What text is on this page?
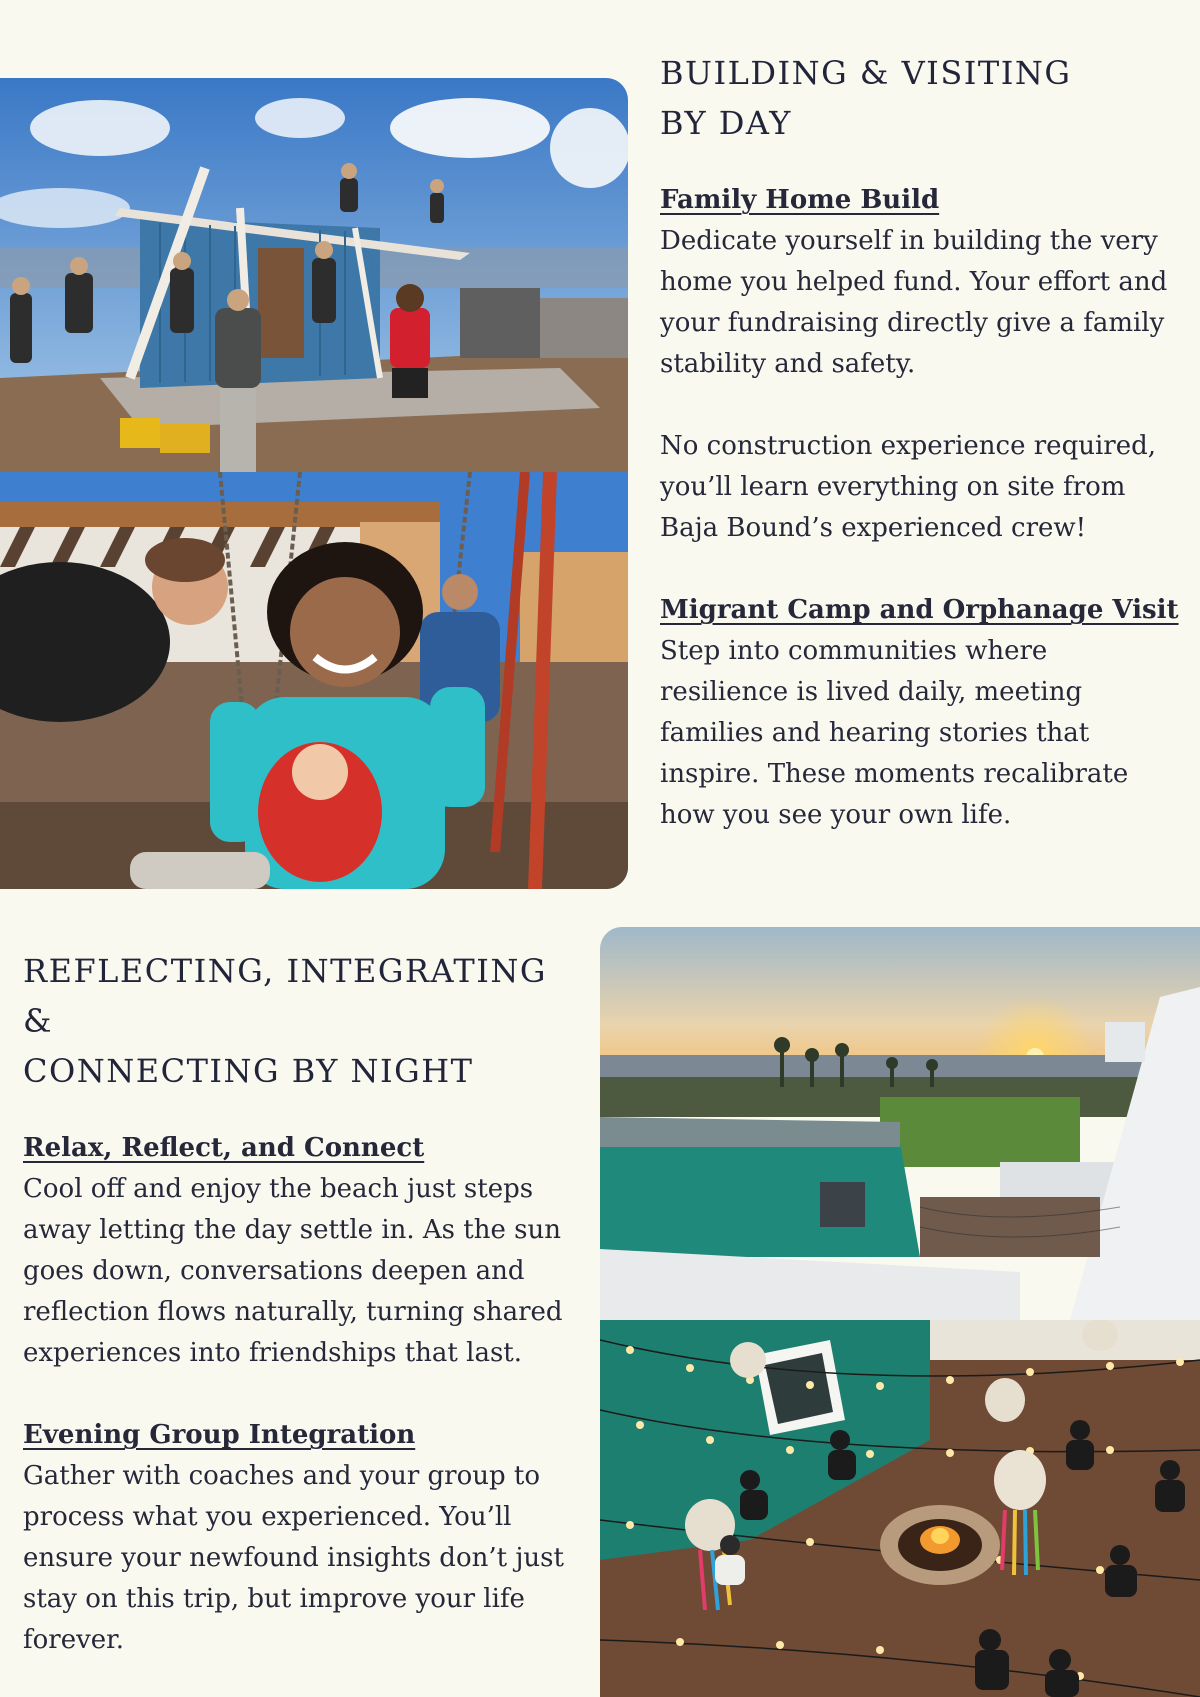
BUILDING & VISITING
BY DAY
Family Home Build

Dedicate yourself in building the very home you helped fund. Your effort and your fundraising directly give a family stability and safety.

No construction experience required, you’ll learn everything on site from Baja Bound’s experienced crew!

Migrant Camp and Orphanage Visit

Step into communities where resilience is lived daily, meeting families and hearing stories that inspire. These moments recalibrate how you see your own life.

REFLECTING, INTEGRATING &
CONNECTING BY NIGHT
Relax, Reflect, and Connect

Cool off and enjoy the beach just steps away letting the day settle in. As the sun goes down, conversations deepen and reflection flows naturally, turning shared experiences into friendships that last.

Evening Group Integration

Gather with coaches and your group to process what you experienced. You’ll ensure your newfound insights don’t just stay on this trip, but improve your life forever.
